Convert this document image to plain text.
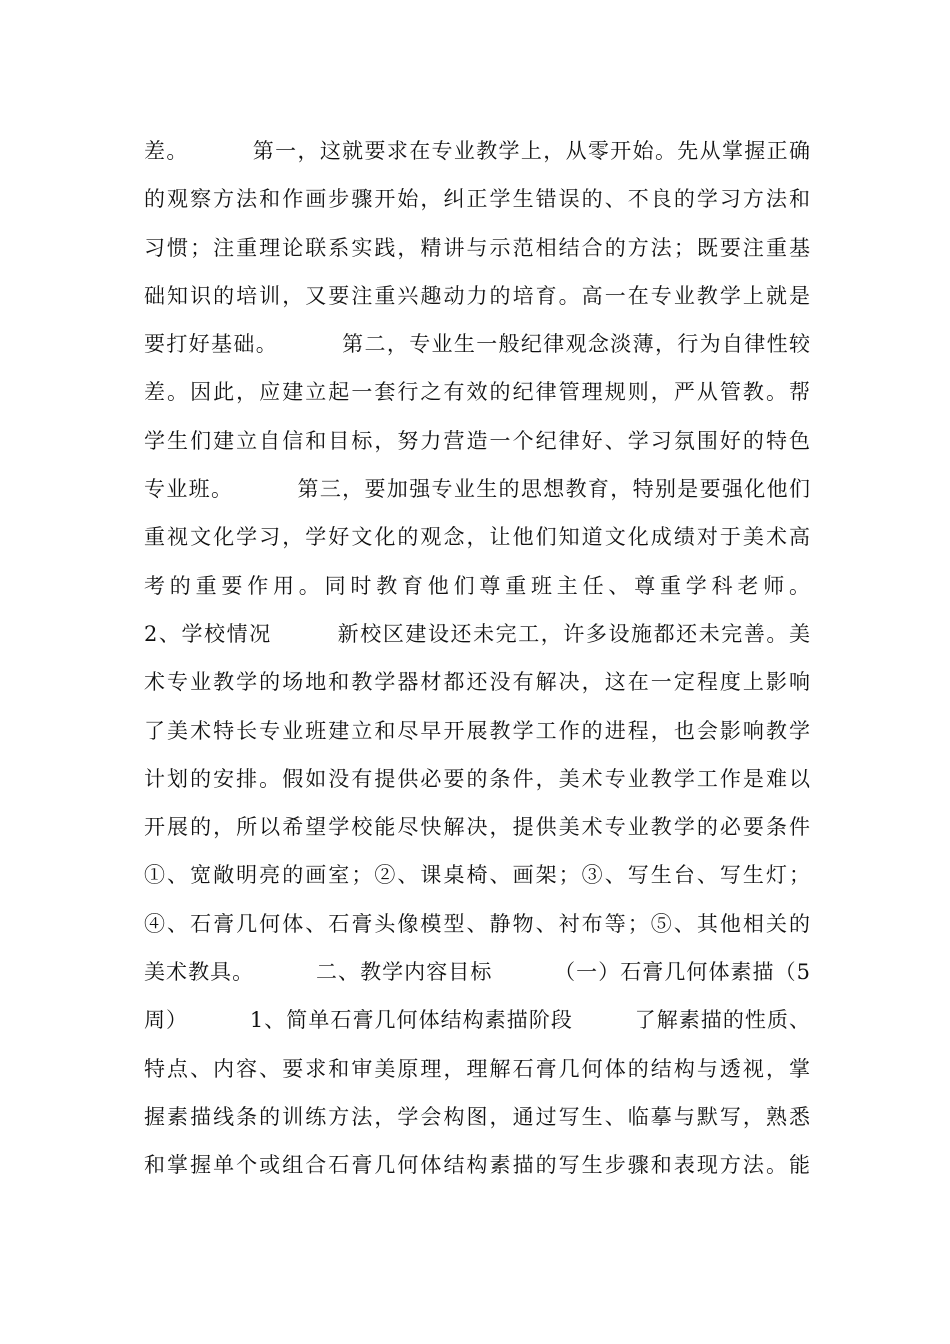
差。        第一，这就要求在专业教学上，从零开始。先从掌握正确
的观察方法和作画步骤开始，纠正学生错误的、不良的学习方法和
习惯；注重理论联系实践，精讲与示范相结合的方法；既要注重基
础知识的培训，又要注重兴趣动力的培育。高一在专业教学上就是
要打好基础。        第二，专业生一般纪律观念淡薄，行为自律性较
差。因此，应建立起一套行之有效的纪律管理规则，严从管教。帮
学生们建立自信和目标，努力营造一个纪律好、学习氛围好的特色
专业班。        第三，要加强专业生的思想教育，特别是要强化他们
重视文化学习，学好文化的观念，让他们知道文化成绩对于美术高
考的重要作用。同时教育他们尊重班主任、尊重学科老师。
2、学校情况        新校区建设还未完工，许多设施都还未完善。美
术专业教学的场地和教学器材都还没有解决，这在一定程度上影响
了美术特长专业班建立和尽早开展教学工作的进程，也会影响教学
计划的安排。假如没有提供必要的条件，美术专业教学工作是难以
开展的，所以希望学校能尽快解决，提供美术专业教学的必要条件
①、宽敞明亮的画室；②、课桌椅、画架；③、写生台、写生灯；
④、石膏几何体、石膏头像模型、静物、衬布等；⑤、其他相关的
美术教具。        二、教学内容目标        （一）石膏几何体素描（5
周）        1、简单石膏几何体结构素描阶段        了解素描的性质、
特点、内容、要求和审美原理，理解石膏几何体的结构与透视，掌
握素描线条的训练方法，学会构图，通过写生、临摹与默写，熟悉
和掌握单个或组合石膏几何体结构素描的写生步骤和表现方法。能
